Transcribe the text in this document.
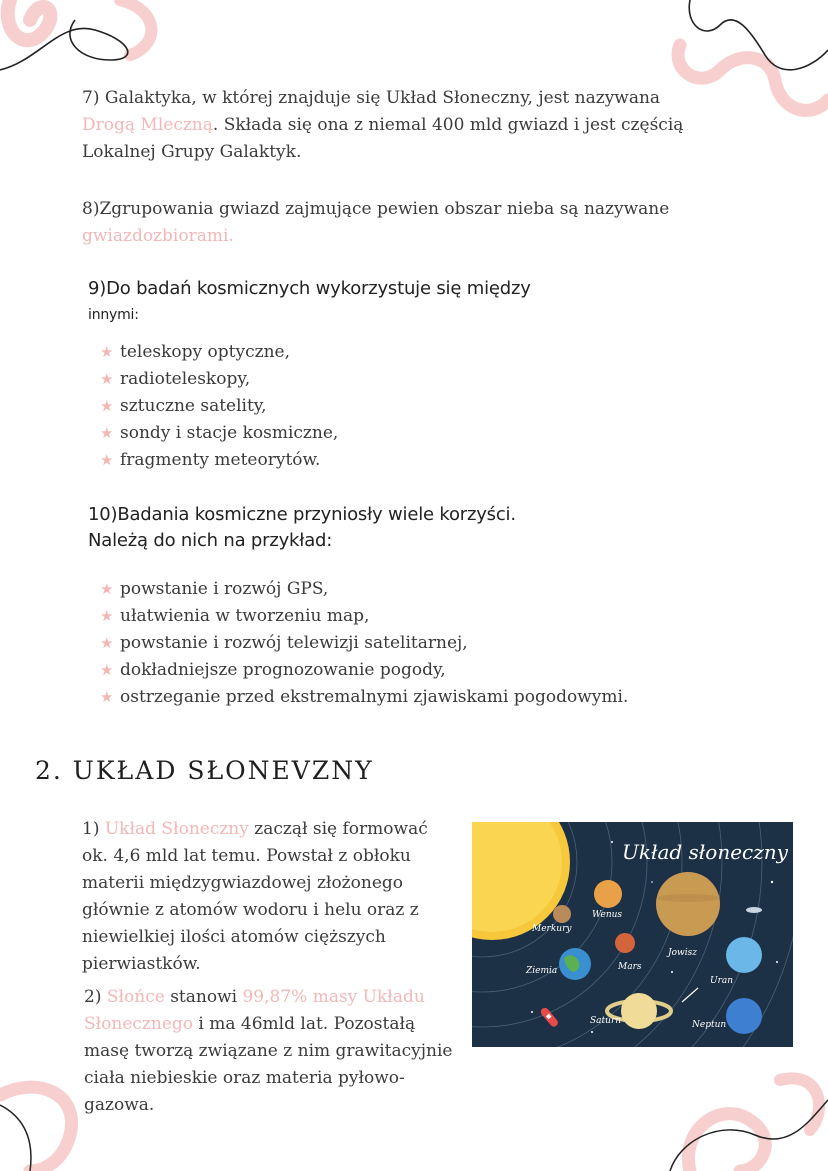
7) Galaktyka, w której znajduje się Układ Słoneczny, jest nazywana Drogą Mleczną. Składa się ona z niemal 400 mld gwiazd i jest częścią Lokalnej Grupy Galaktyk.
8)Zgrupowania gwiazd zajmujące pewien obszar nieba są nazywane gwiazdozbiorami.
9)Do badań kosmicznych wykorzystuje się między
innymi:
★ teleskopy optyczne,
★ radioteleskopy,
★ sztuczne satelity,
★ sondy i stacje kosmiczne,
★ fragmenty meteorytów.
10)Badania kosmiczne przyniosły wiele korzyści.
Należą do nich na przykład:
★ powstanie i rozwój GPS,
★ ułatwienia w tworzeniu map,
★ powstanie i rozwój telewizji satelitarnej,
★ dokładniejsze prognozowanie pogody,
★ ostrzeganie przed ekstremalnymi zjawiskami pogodowymi.
2. UKŁAD SŁONEVZNY
1) Układ Słoneczny zaczął się formować ok. 4,6 mld lat temu. Powstał z obłoku materii międzygwiazdowej złożonego głównie z atomów wodoru i helu oraz z niewielkiej ilości atomów cięższych pierwiastków.
2) Słońce stanowi 99,87% masy Układu Słonecznego i ma 46mld lat. Pozostałą masę tworzą związane z nim grawitacyjnie ciała niebieskie oraz materia pyłowo-gazowa.
Układ słoneczny
Merkury
Wenus
Ziemia	Mars
Jowisz
Saturn
Uran
Neptun
